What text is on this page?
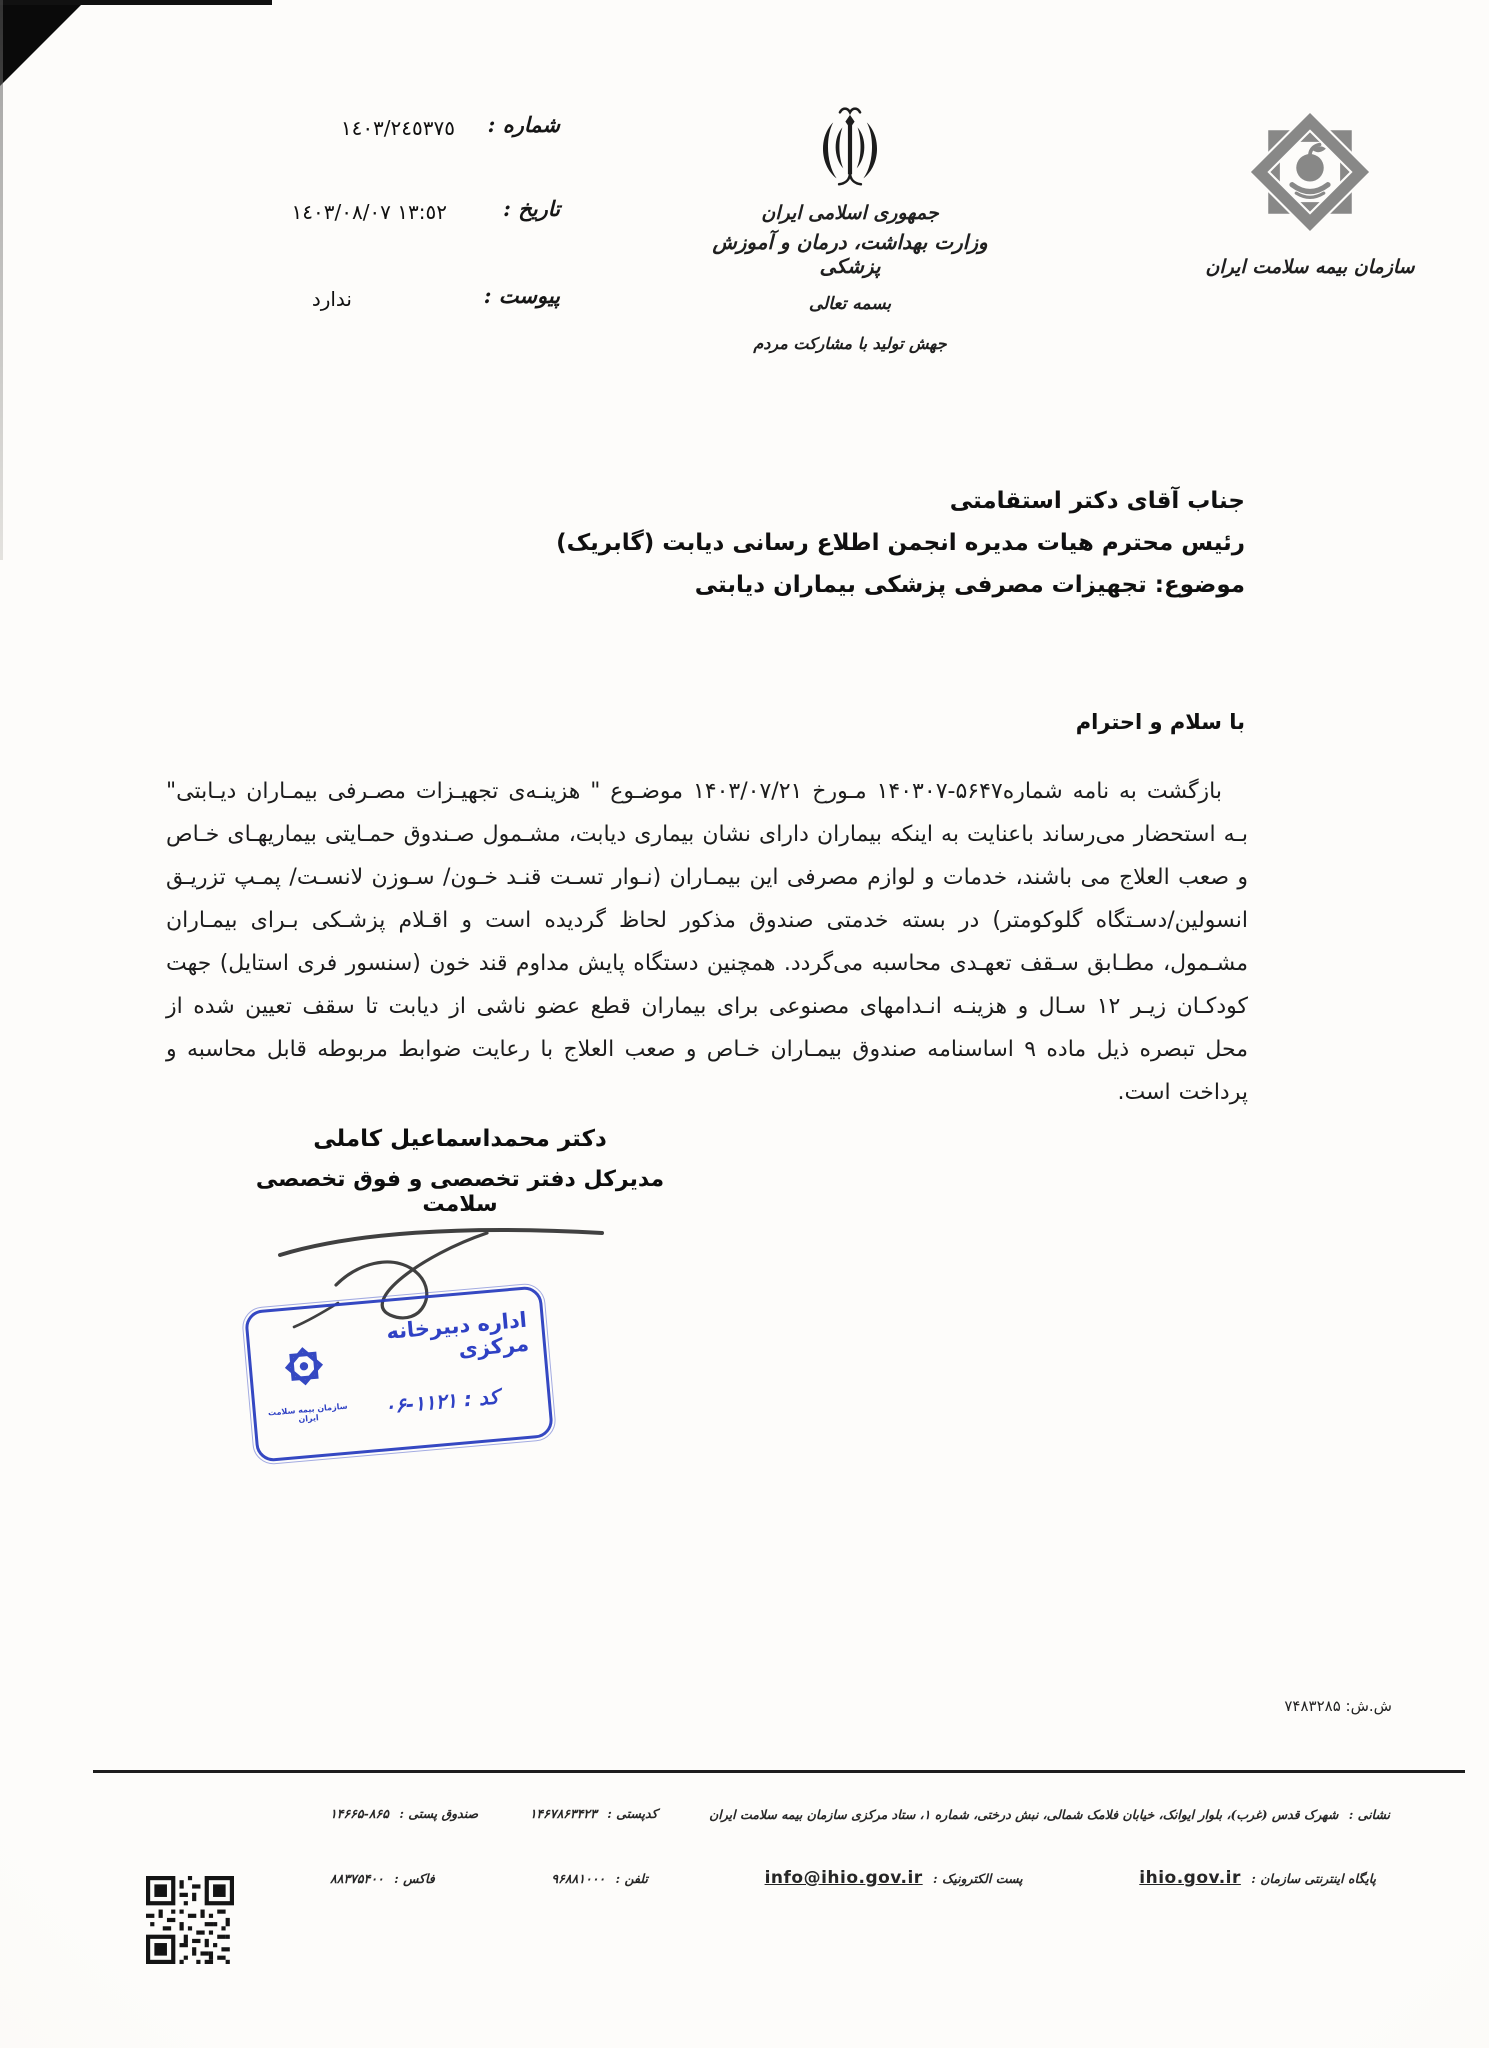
شماره :
١٤٠٣/٢٤٥٣٧٥
تاريخ :
١٣:٥٢ ١٤٠٣/٠٨/٠٧
پیوست :
ندارد
جمهوری اسلامی ایران
وزارت بهداشت، درمان و آموزش پزشکی
بسمه تعالی
جهش تولید با مشارکت مردم
سازمان بیمه سلامت ایران
جناب آقای دکتر استقامتی
رئیس محترم هیات مدیره انجمن اطلاع رسانی دیابت (گابریک)
موضوع: تجهیزات مصرفی پزشکی بیماران دیابتی
با سلام و احترام
بازگشت به نامه شماره۵۶۴۷-۱۴۰۳۰۷ مـورخ ۱۴۰۳/۰۷/۲۱ موضـوع " هزینـه‌ی تجهیـزات مصـرفی بیمـاران دیـابتی" بـه استحضار می‌رساند باعنایت به اینکه بیماران دارای نشان بیماری دیابت، مشـمول صـندوق حمـایتی بیماریهـای خـاص و صعب العلاج می باشند، خدمات و لوازم مصرفی این بیمـاران (نـوار تسـت قنـد خـون/ سـوزن لانسـت/ پمـپ تزریـق انسولین/دسـتگاه گلوکومتر) در بسته خدمتی صندوق مذکور لحاظ گردیده است و اقـلام پزشـکی بـرای بیمـاران مشـمول، مطـابق سـقف تعهـدی محاسبه می‌گردد. همچنین دستگاه پایش مداوم قند خون (سنسور فری استایل) جهت کودکـان زیـر ۱۲ سـال و هزینـه انـدامهای مصنوعی برای بیماران قطع عضو ناشی از دیابت تا سقف تعیین شده از محل تبصره ذیل ماده ۹ اساسنامه صندوق بیمـاران خـاص و صعب العلاج با رعایت ضوابط مربوطه قابل محاسبه و پرداخت است.
دکتر محمداسماعیل کاملی
مدیرکل دفتر تخصصی و فوق تخصصی سلامت
اداره دبیرخانه مرکزی
کد : ۱۱۲۱-۰۶
سازمان بیمه سلامت ایران
ش.ش: ۷۴۸۳۲۸۵
نشانی : شهرک قدس (غرب)، بلوار ایوانک، خیابان فلامک شمالی، نبش درختی، شماره ۱، ستاد مرکزی سازمان بیمه سلامت ایران
کدپستی : ۱۴۶۷۸۶۳۴۲۳
صندوق پستی : ۸۶۵-۱۴۶۶۵
پایگاه اینترنتی سازمان : ihio.gov.ir
پست الکترونیک : info@ihio.gov.ir
تلفن : ۹۶۸۸۱۰۰۰
فاکس : ۸۸۳۷۵۴۰۰
